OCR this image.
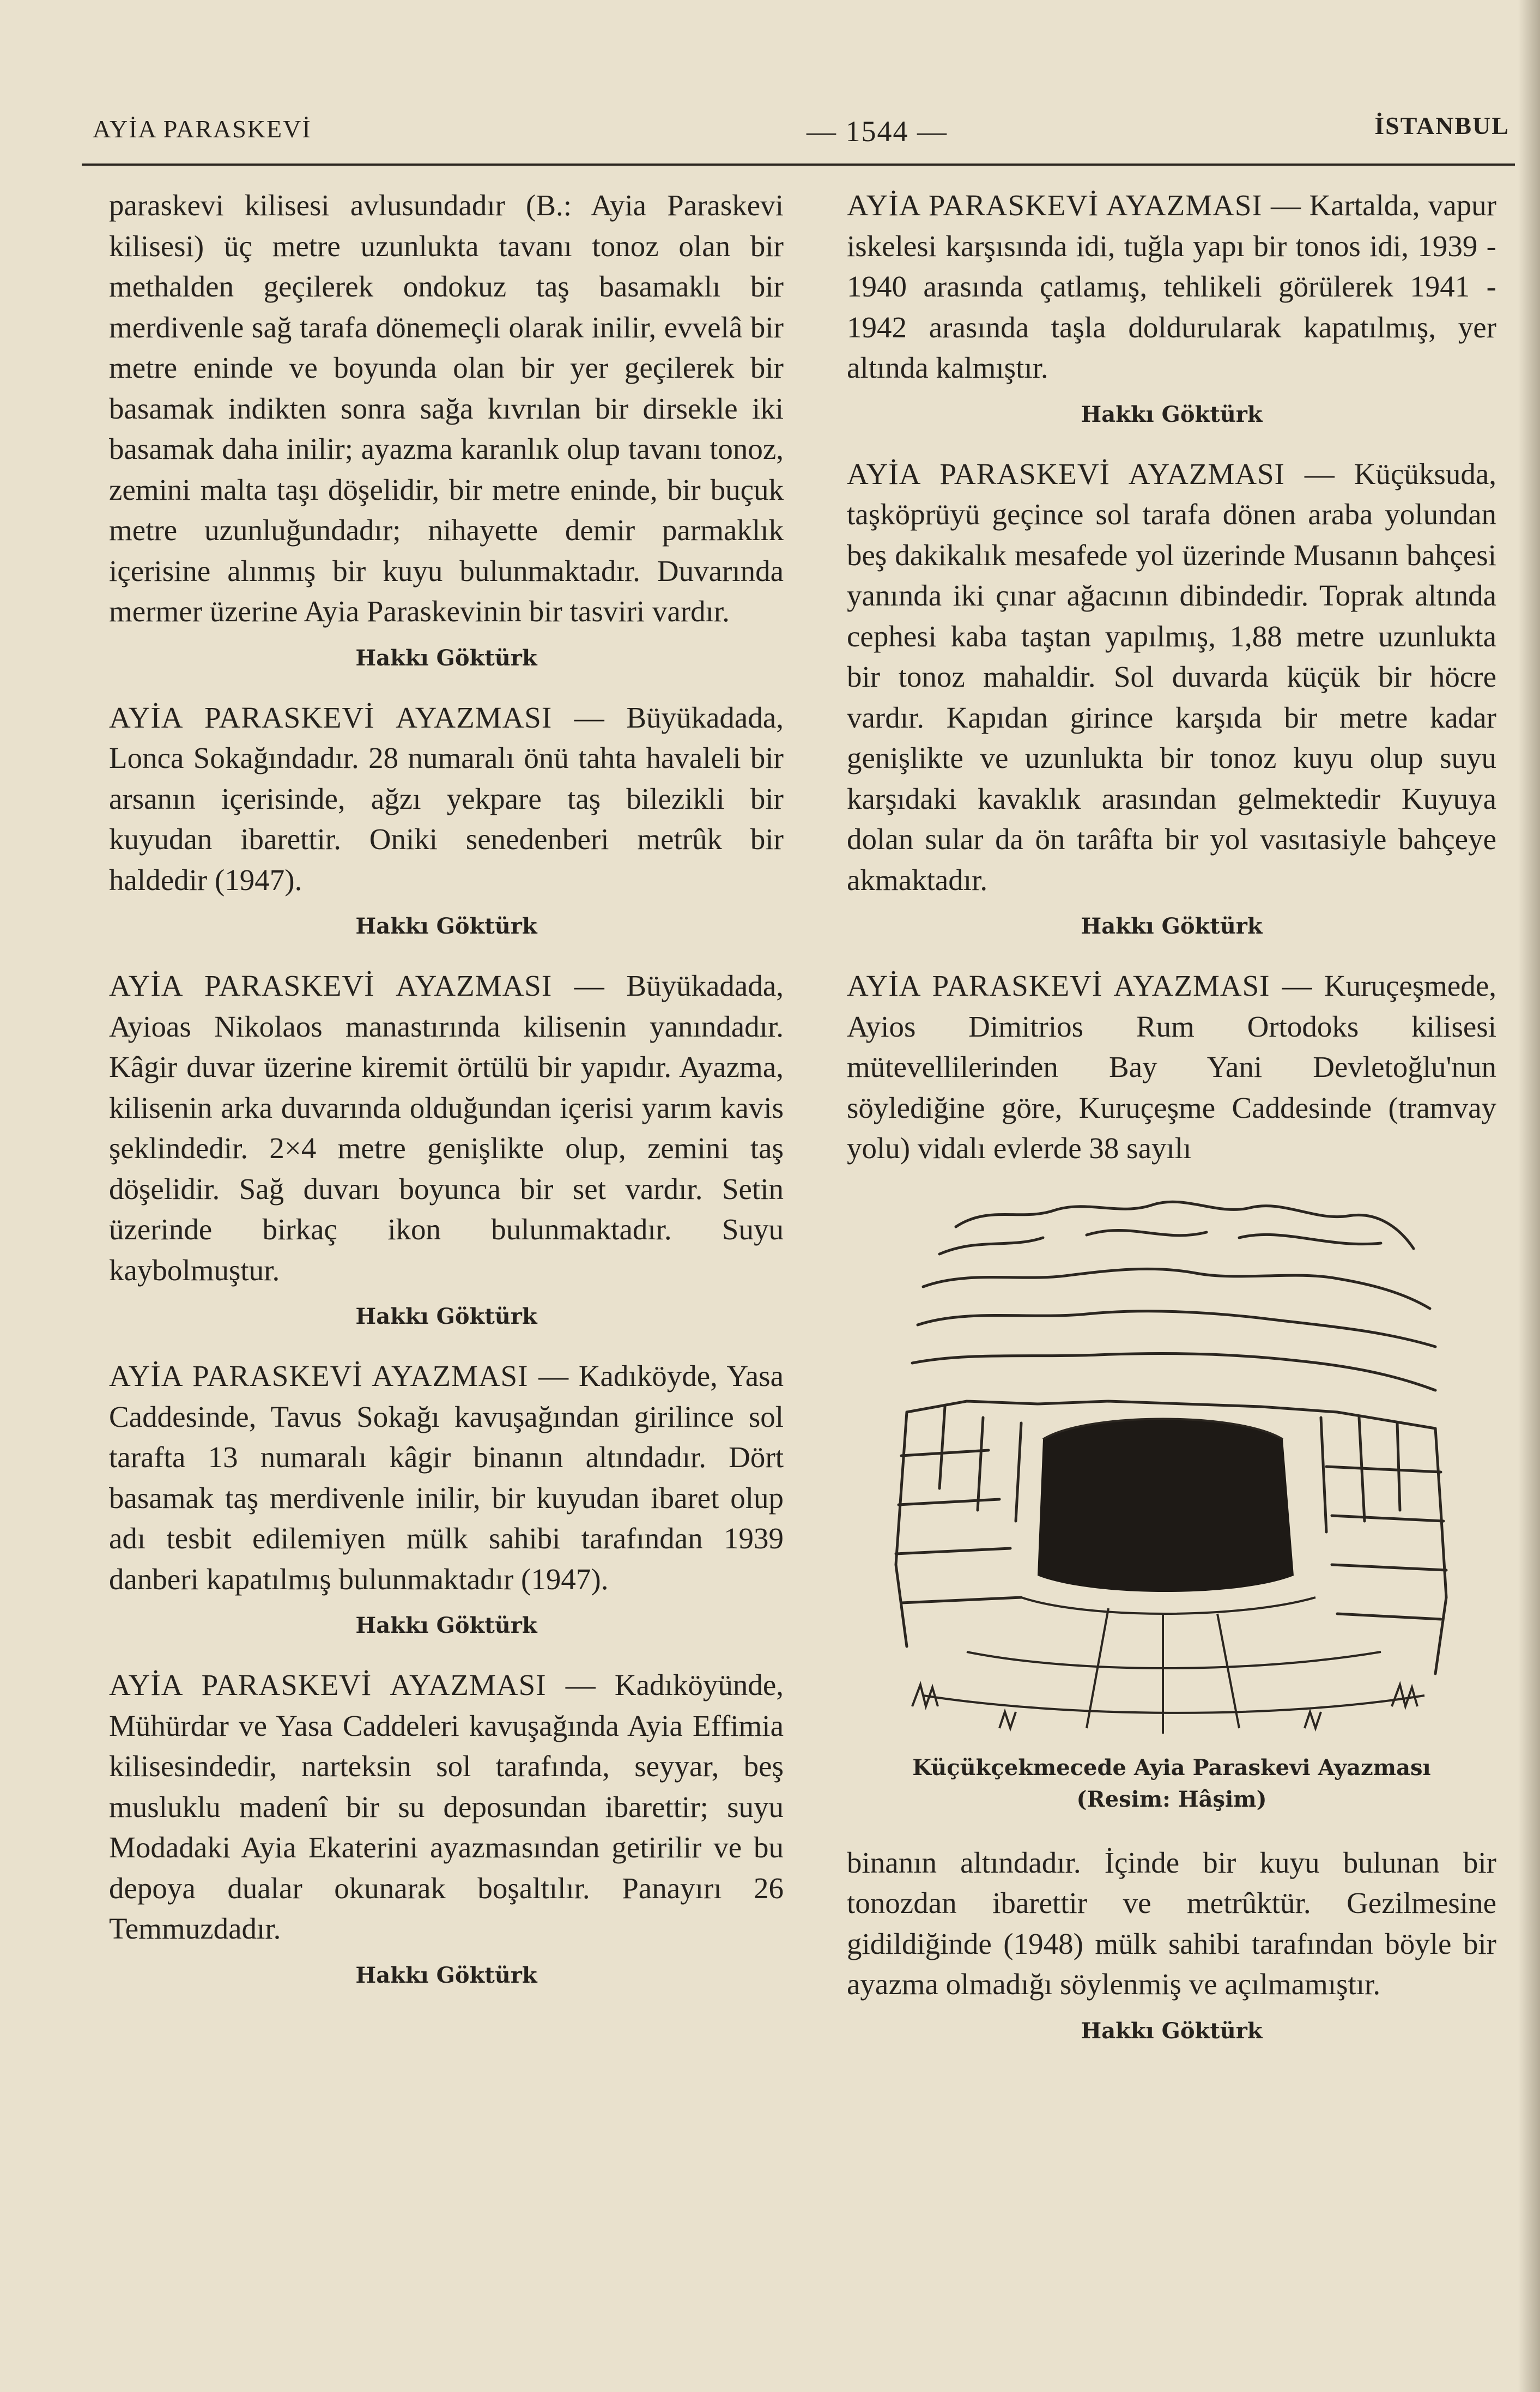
AYİA PARASKEVİ	— 1544 —	İSTANBUL

paraskevi kilisesi avlusundadır (B.: Ayia Paraskevi kilisesi) üç metre uzunlukta tavanı tonoz olan bir methalden geçilerek ondokuz taş basamaklı bir merdivenle sağ tarafa dönemeçli olarak inilir, evvelâ bir metre eninde ve boyunda olan bir yer geçilerek bir basamak indikten sonra sağa kıvrılan bir dirsekle iki basamak daha inilir; ayazma karanlık olup tavanı tonoz, zemini malta taşı döşelidir, bir metre eninde, bir buçuk metre uzunluğundadır; nihayette demir parmaklık içerisine alınmış bir kuyu bulunmaktadır. Duvarında mermer üzerine Ayia Paraskevinin bir tasviri vardır.

Hakkı Göktürk

AYİA PARASKEVİ AYAZMASI — Büyükadada, Lonca Sokağındadır. 28 numaralı önü tahta havaleli bir arsanın içerisinde, ağzı yekpare taş bilezikli bir kuyudan ibarettir. Oniki senedenberi metrûk bir haldedir (1947).

Hakkı Göktürk

AYİA PARASKEVİ AYAZMASI — Büyükadada, Ayioas Nikolaos manastırında kilisenin yanındadır. Kâgir duvar üzerine kiremit örtülü bir yapıdır. Ayazma, kilisenin arka duvarında olduğundan içerisi yarım kavis şeklindedir. 2×4 metre genişlikte olup, zemini taş döşelidir. Sağ duvarı boyunca bir set vardır. Setin üzerinde birkaç ikon bulunmaktadır. Suyu kaybolmuştur.

Hakkı Göktürk

AYİA PARASKEVİ AYAZMASI — Kadıköyde, Yasa Caddesinde, Tavus Sokağı kavuşağından girilince sol tarafta 13 numaralı kâgir binanın altındadır. Dört basamak taş merdivenle inilir, bir kuyudan ibaret olup adı tesbit edilemiyen mülk sahibi tarafından 1939 danberi kapatılmış bulunmaktadır (1947).

Hakkı Göktürk

AYİA PARASKEVİ AYAZMASI — Kadıköyünde, Mühürdar ve Yasa Caddeleri kavuşağında Ayia Effimia kilisesindedir, narteksin sol tarafında, seyyar, beş musluklu madenî bir su deposundan ibarettir; suyu Modadaki Ayia Ekaterini ayazmasından getirilir ve bu depoya dualar okunarak boşaltılır. Panayırı 26 Temmuzdadır.

Hakkı Göktürk

AYİA PARASKEVİ AYAZMASI — Kartalda, vapur iskelesi karşısında idi, tuğla yapı bir tonos idi, 1939 - 1940 arasında çatlamış, tehlikeli görülerek 1941 - 1942 arasında taşla doldurularak kapatılmış, yer altında kalmıştır.

Hakkı Göktürk

AYİA PARASKEVİ AYAZMASI — Küçüksuda, taşköprüyü geçince sol tarafa dönen araba yolundan beş dakikalık mesafede yol üzerinde Musanın bahçesi yanında iki çınar ağacının dibindedir. Toprak altında cephesi kaba taştan yapılmış, 1,88 metre uzunlukta bir tonoz mahaldir. Sol duvarda küçük bir höcre vardır. Kapıdan girince karşıda bir metre kadar genişlikte ve uzunlukta bir tonoz kuyu olup suyu karşıdaki kavaklık arasından gelmektedir Kuyuya dolan sular da ön tarâfta bir yol vasıtasiyle bahçeye akmaktadır.

Hakkı Göktürk

AYİA PARASKEVİ AYAZMASI — Kuruçeşmede, Ayios Dimitrios Rum Ortodoks kilisesi mütevellilerinden Bay Yani Devletoğlu'nun söylediğine göre, Kuruçeşme Caddesinde (tramvay yolu) vidalı evlerde 38 sayılı

Küçükçekmecede Ayia Paraskevi Ayazması
(Resim: Hâşim)

binanın altındadır. İçinde bir kuyu bulunan bir tonozdan ibarettir ve metrûktür. Gezilmesine gidildiğinde (1948) mülk sahibi tarafından böyle bir ayazma olmadığı söylenmiş ve açılmamıştır.

Hakkı Göktürk
